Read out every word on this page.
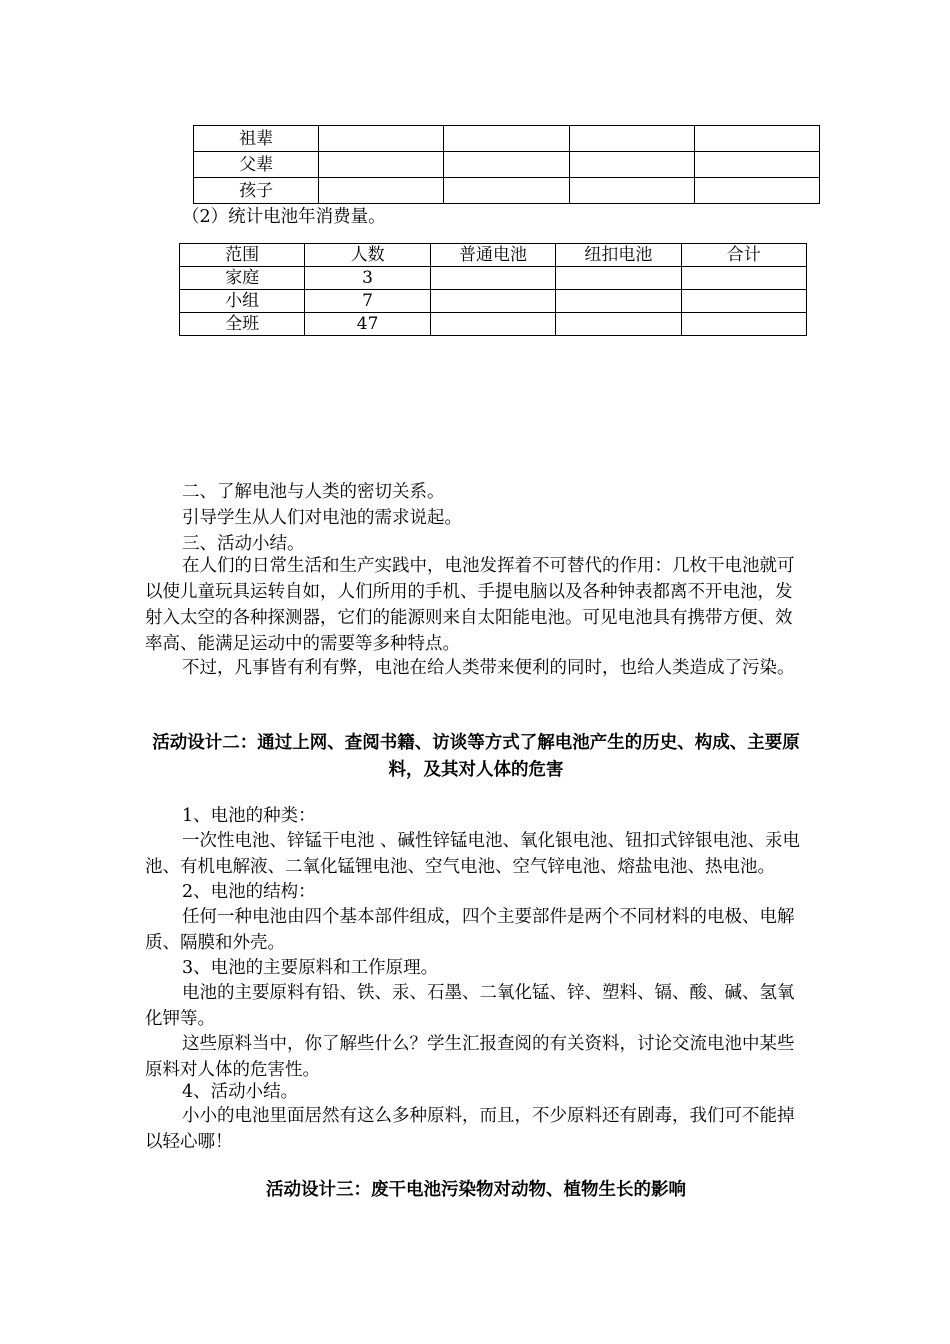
祖辈				
父辈				
孩子				

（2）统计电池年消费量。

范围	人数	普通电池	纽扣电池	合计
家庭	3			
小组	7			
全班	47			

二、了解电池与人类的密切关系。

引导学生从人们对电池的需求说起。

三、活动小结。

在人们的日常生活和生产实践中，电池发挥着不可替代的作用：几枚干电池就可以使儿童玩具运转自如，人们所用的手机、手提电脑以及各种钟表都离不开电池，发射入太空的各种探测器，它们的能源则来自太阳能电池。可见电池具有携带方便、效率高、能满足运动中的需要等多种特点。

不过，凡事皆有利有弊，电池在给人类带来便利的同时，也给人类造成了污染。

活动设计二：通过上网、查阅书籍、访谈等方式了解电池产生的历史、构成、主要原料，及其对人体的危害

1、电池的种类：

一次性电池、锌锰干电池 、碱性锌锰电池、氧化银电池、钮扣式锌银电池、汞电池、有机电解液、二氧化锰锂电池、空气电池、空气锌电池、熔盐电池、热电池。

2、电池的结构：

任何一种电池由四个基本部件组成，四个主要部件是两个不同材料的电极、电解质、隔膜和外壳。

3、电池的主要原料和工作原理。

电池的主要原料有铅、铁、汞、石墨、二氧化锰、锌、塑料、镉、酸、碱、氢氧化钾等。

这些原料当中，你了解些什么？学生汇报查阅的有关资料，讨论交流电池中某些原料对人体的危害性。

4、活动小结。

小小的电池里面居然有这么多种原料，而且，不少原料还有剧毒，我们可不能掉以轻心哪！

活动设计三：废干电池污染物对动物、植物生长的影响
